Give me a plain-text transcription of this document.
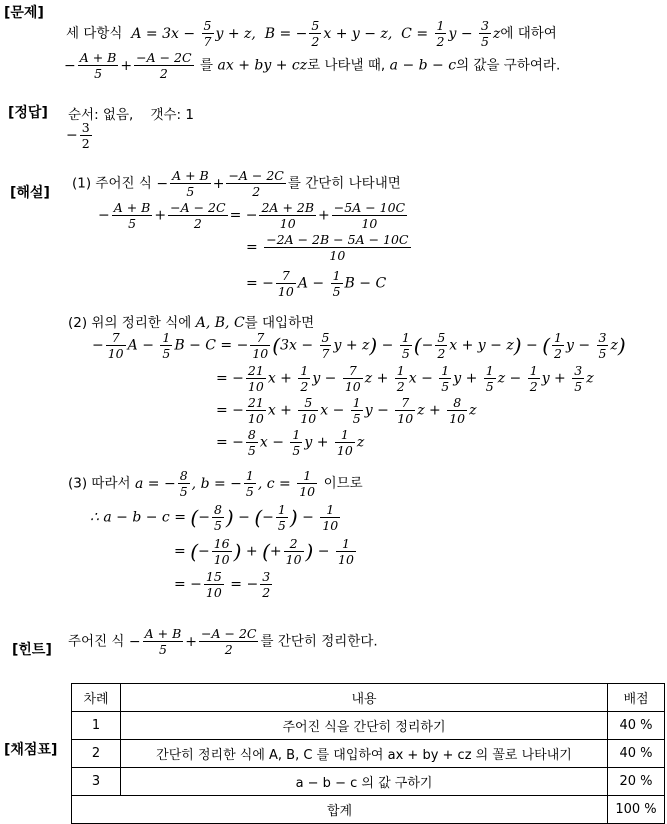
[문제]
세 다항식  $A = 3x - \frac{5}{7}$ y + z,  B = − $\frac{5}{2}$ x + y − z,  $C = \frac{1}{2}$ $y - \frac{3}{5}$ z에 대하여
− $\frac{A + B}{5} + \frac{-A - 2C}{2}$ 를 ax + by + cz로 나타낼 때, a − b − c의 값을 구하여라.
[정답] 순서: 없음, 갯수: 1
− $\frac{3}{2}$
[해설]
(1) 주어진 식 − $\frac{A + B}{5} + \frac{-A - 2C}{2}$ 를 간단히 나타내면
− $\frac{A + B}{5} + \frac{-A - 2C}{2}$ = − $\frac{2A + 2B}{10} + \frac{-5A - 10C}{10}$
= $\frac{-2A - 2B - 5A - 10C}{10}$
= − $\frac{7}{10}$ $A - \frac{1}{5}$ B − C
(2) 위의 정리한 식에 A, B, C를 대입하면
− $\frac{7}{10}$ $A - \frac{1}{5}$ B − C = − $\frac{7}{10} (3x - \frac{5}{7}$ $y + z) - \frac{1}{5}$ (− $\frac{5}{2}$ x + y − z) − ( $\frac{1}{2}$ $y - \frac{3}{5} z$)
= − $\frac{21}{10}$ $x + \frac{1}{2}$ $y - \frac{7}{10}$ $z + \frac{1}{2}$ $x - \frac{1}{5}$ $y + \frac{1}{5}$ $z - \frac{1}{2}$ $y + \frac{3}{5}$ z
= − $\frac{21}{10}$ $x + \frac{5}{10}$ $x - \frac{1}{5}$ $y - \frac{7}{10}$ $z + \frac{8}{10}$ z
= − $\frac{8}{5}$ $x - \frac{1}{5}$ $y + \frac{1}{10}$ z
(3) 따라서 a = − $\frac{8}{5}$ , b = − $\frac{1}{5}$ , $c = \frac{1}{10}$ 이므로
∴ a − b − c = (− $\frac{8}{5}$ ) − (− $\frac{1}{5}$ ) − $\frac{1}{10}$
= (− $\frac{16}{10}$ ) + (+ $\frac{2}{10}$ ) − $\frac{1}{10}$
= − $\frac{15}{10}$ = − $\frac{3}{2}$
[힌트]
주어진 식 − $\frac{A + B}{5} + \frac{-A - 2C}{2}$ 를 간단히 정리한다.
[채점표]
차례	내용	배점
1	주어진 식을 간단히 정리하기	40 %
2	간단히 정리한 식에 A, B, C 를 대입하여 ax + by + cz 의 꼴로 나타내기	40 %
3	a − b − c 의 값 구하기	20 %
합계		100 %
